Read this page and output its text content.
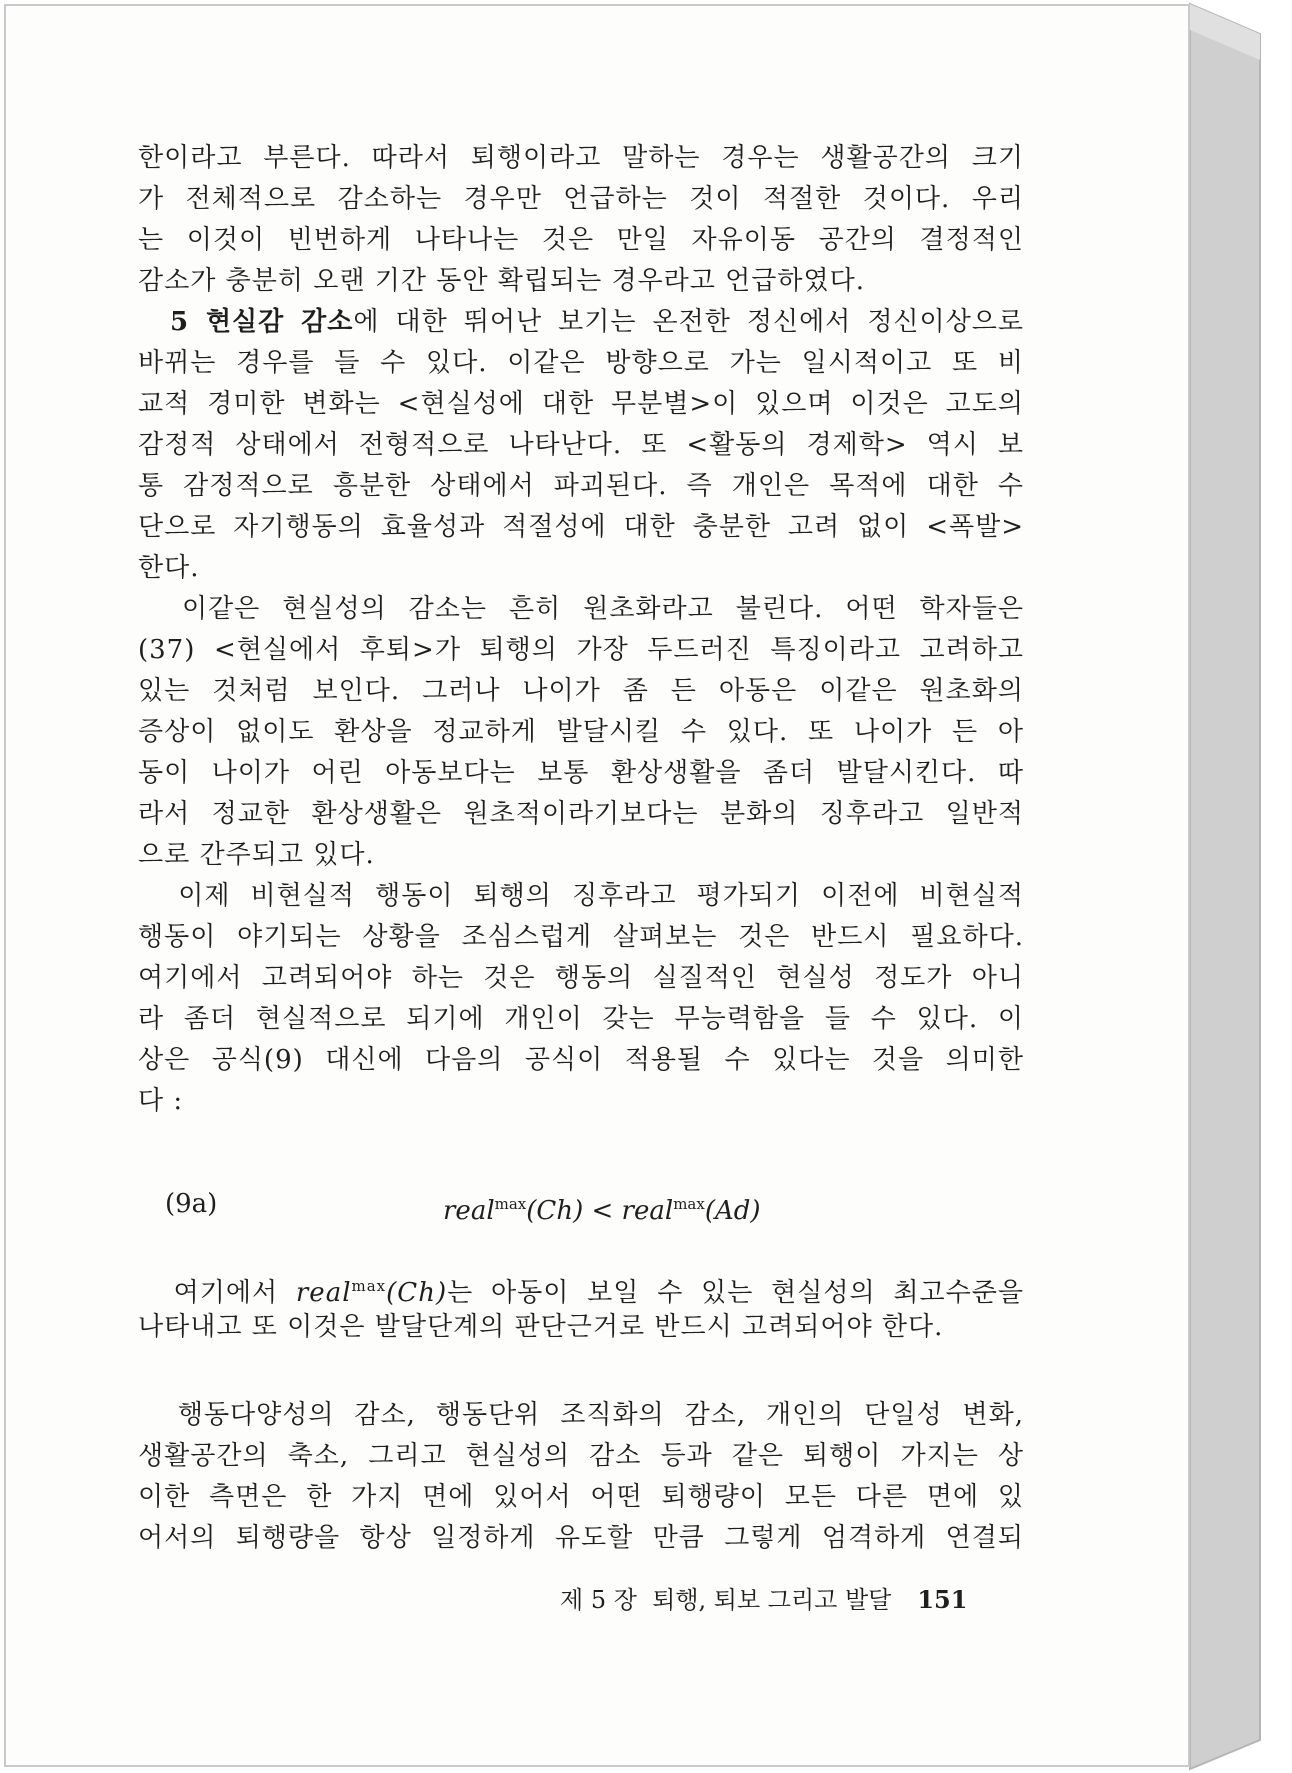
한이라고 부른다. 따라서 퇴행이라고 말하는 경우는 생활공간의 크기
가 전체적으로 감소하는 경우만 언급하는 것이 적절한 것이다. 우리
는 이것이 빈번하게 나타나는 것은 만일 자유이동 공간의 결정적인
감소가 충분히 오랜 기간 동안 확립되는 경우라고 언급하였다.
5 현실감 감소에 대한 뛰어난 보기는 온전한 정신에서 정신이상으로
바뀌는 경우를 들 수 있다. 이같은 방향으로 가는 일시적이고 또 비
교적 경미한 변화는 <현실성에 대한 무분별>이 있으며 이것은 고도의
감정적 상태에서 전형적으로 나타난다. 또 <활동의 경제학> 역시 보
통 감정적으로 흥분한 상태에서 파괴된다. 즉 개인은 목적에 대한 수
단으로 자기행동의 효율성과 적절성에 대한 충분한 고려 없이 <폭발>
한다.
이같은 현실성의 감소는 흔히 원초화라고 불린다. 어떤 학자들은
(37) <현실에서 후퇴>가 퇴행의 가장 두드러진 특징이라고 고려하고
있는 것처럼 보인다. 그러나 나이가 좀 든 아동은 이같은 원초화의
증상이 없이도 환상을 정교하게 발달시킬 수 있다. 또 나이가 든 아
동이 나이가 어린 아동보다는 보통 환상생활을 좀더 발달시킨다. 따
라서 정교한 환상생활은 원초적이라기보다는 분화의 징후라고 일반적
으로 간주되고 있다.
이제 비현실적 행동이 퇴행의 징후라고 평가되기 이전에 비현실적
행동이 야기되는 상황을 조심스럽게 살펴보는 것은 반드시 필요하다.
여기에서 고려되어야 하는 것은 행동의 실질적인 현실성 정도가 아니
라 좀더 현실적으로 되기에 개인이 갖는 무능력함을 들 수 있다. 이
상은 공식(9) 대신에 다음의 공식이 적용될 수 있다는 것을 의미한
다 :
(9a)	real$^{max}$(Ch) < real$^{max}$(Ad)
여기에서 real$^{max}$(Ch)는 아동이 보일 수 있는 현실성의 최고수준을
나타내고 또 이것은 발달단계의 판단근거로 반드시 고려되어야 한다.
행동다양성의 감소, 행동단위 조직화의 감소, 개인의 단일성 변화,
생활공간의 축소, 그리고 현실성의 감소 등과 같은 퇴행이 가지는 상
이한 측면은 한 가지 면에 있어서 어떤 퇴행량이 모든 다른 면에 있
어서의 퇴행량을 항상 일정하게 유도할 만큼 그렇게 엄격하게 연결되
제 5 장  퇴행, 퇴보 그리고 발달 151
